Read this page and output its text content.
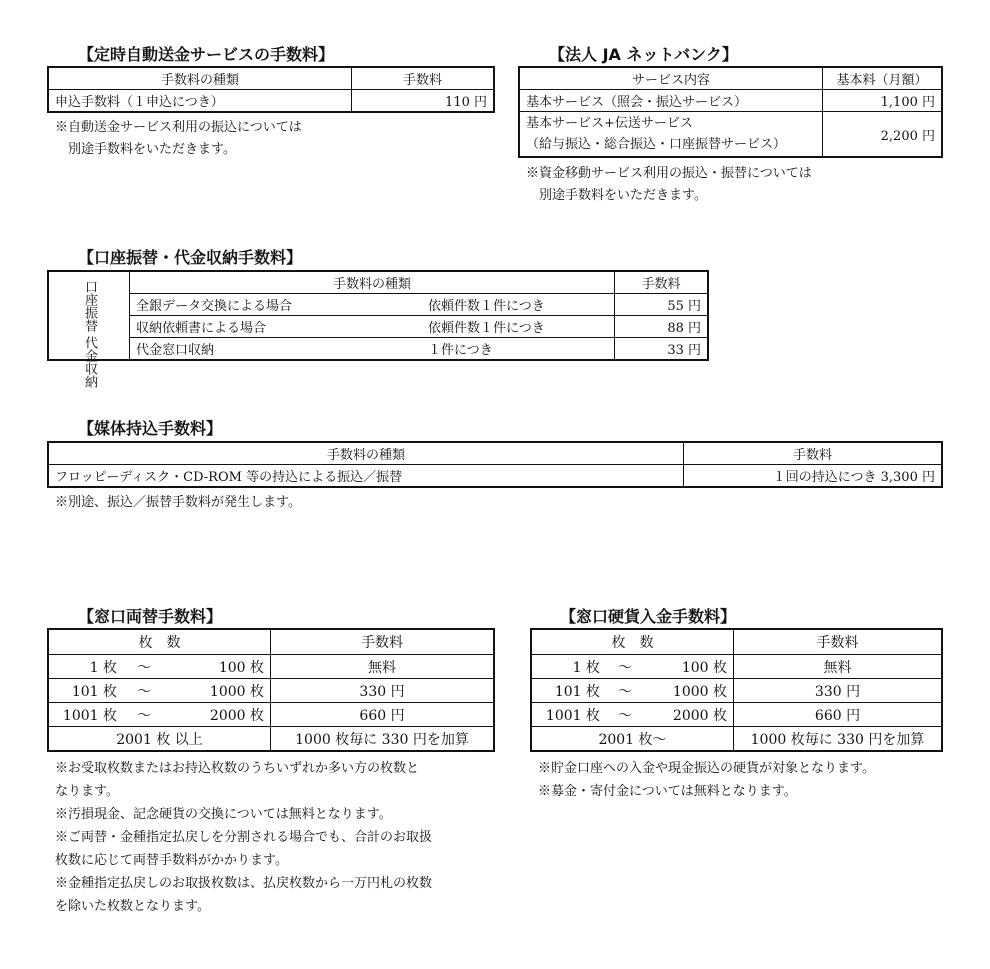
【定時自動送金サービスの手数料】
手数料の種類	手数料
申込手数料（１申込につき）	110 円
※自動送金サービス利用の振込については
　別途手数料をいただきます。
【法人 JA ネットバンク】
サービス内容	基本料（月額）
基本サービス（照会・振込サービス）	1,100 円

基本サービス+伝送サービス
（給与振込・総合振込・口座振替サービス）	2,200 円
※資金移動サービス利用の振込・振替については
　別途手数料をいただきます。
【口座振替・代金収納手数料】
口座振替 代金収納	手数料の種類		手数料
	全銀データ交換による場合	依頼件数１件につき	55 円
	収納依頼書による場合	依頼件数１件につき	88 円
	代金窓口収納	１件につき	33 円
【媒体持込手数料】
手数料の種類	手数料
フロッピーディスク・CD-ROM 等の持込による振込／振替	１回の持込につき 3,300 円
※別途、振込／振替手数料が発生します。
【窓口両替手数料】
枚　数			手数料
1 枚	～	100 枚	無料
101 枚	～	1000 枚	330 円
1001 枚	～	2000 枚	660 円
2001 枚 以上			1000 枚毎に 330 円を加算
※お受取枚数またはお持込枚数のうちいずれか多い方の枚数と
なります。
※汚損現金、記念硬貨の交換については無料となります。
※ご両替・金種指定払戻しを分割される場合でも、合計のお取扱
枚数に応じて両替手数料がかかります。
※金種指定払戻しのお取扱枚数は、払戻枚数から一万円札の枚数
を除いた枚数となります。
【窓口硬貨入金手数料】
枚　数			手数料
1 枚	～	100 枚	無料
101 枚	～	1000 枚	330 円
1001 枚	～	2000 枚	660 円
2001 枚～			1000 枚毎に 330 円を加算
※貯金口座への入金や現金振込の硬貨が対象となります。
※募金・寄付金については無料となります。
